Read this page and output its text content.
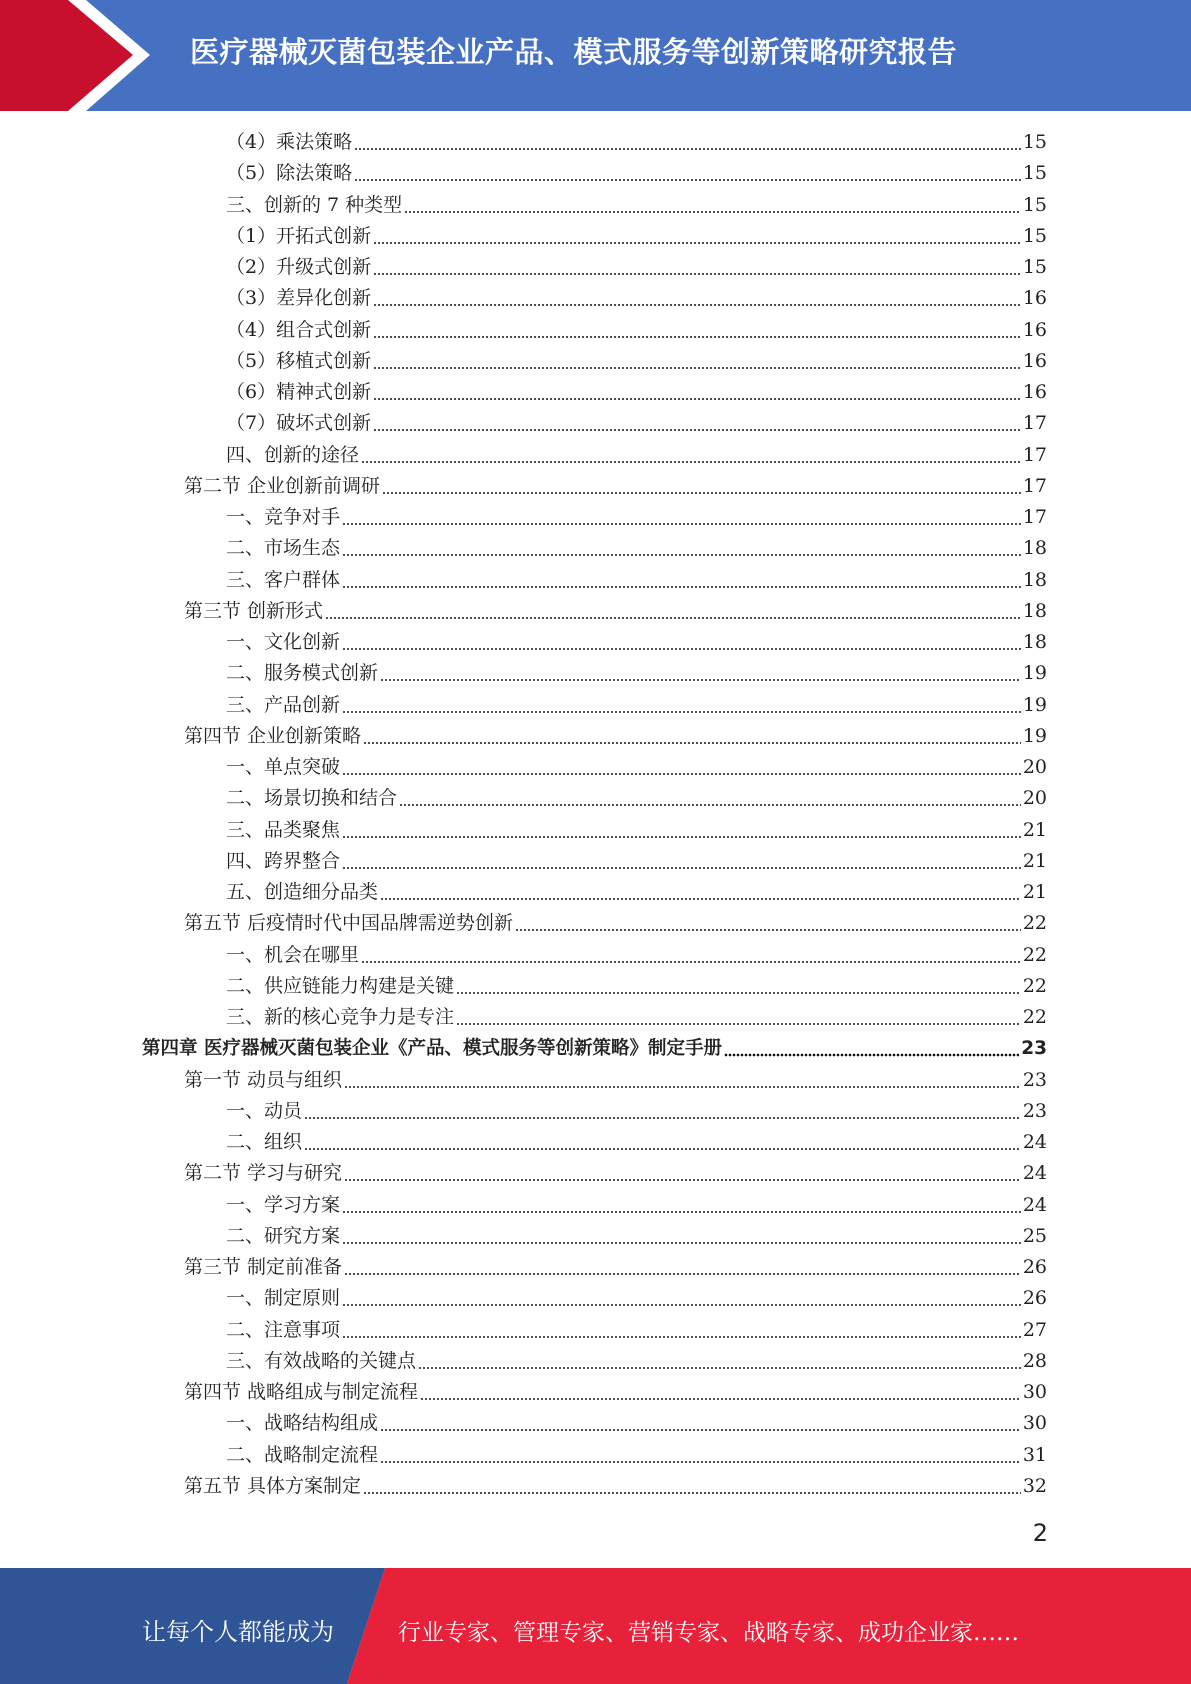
医疗器械灭菌包装企业产品、模式服务等创新策略研究报告
（4）乘法策略	15
（5）除法策略	15
三、创新的 7 种类型	15
（1）开拓式创新	15
（2）升级式创新	15
（3）差异化创新	16
（4）组合式创新	16
（5）移植式创新	16
（6）精神式创新	16
（7）破坏式创新	17
四、创新的途径	17
第二节 企业创新前调研	17
一、竞争对手	17
二、市场生态	18
三、客户群体	18
第三节 创新形式	18
一、文化创新	18
二、服务模式创新	19
三、产品创新	19
第四节 企业创新策略	19
一、单点突破	20
二、场景切换和结合	20
三、品类聚焦	21
四、跨界整合	21
五、创造细分品类	21
第五节 后疫情时代中国品牌需逆势创新	22
一、机会在哪里	22
二、供应链能力构建是关键	22
三、新的核心竞争力是专注	22
第四章 医疗器械灭菌包装企业《产品、模式服务等创新策略》制定手册	23
第一节 动员与组织	23
一、动员	23
二、组织	24
第二节 学习与研究	24
一、学习方案	24
二、研究方案	25
第三节 制定前准备	26
一、制定原则	26
二、注意事项	27
三、有效战略的关键点	28
第四节 战略组成与制定流程	30
一、战略结构组成	30
二、战略制定流程	31
第五节 具体方案制定	32
2
让每个人都能成为	行业专家、管理专家、营销专家、战略专家、成功企业家……
